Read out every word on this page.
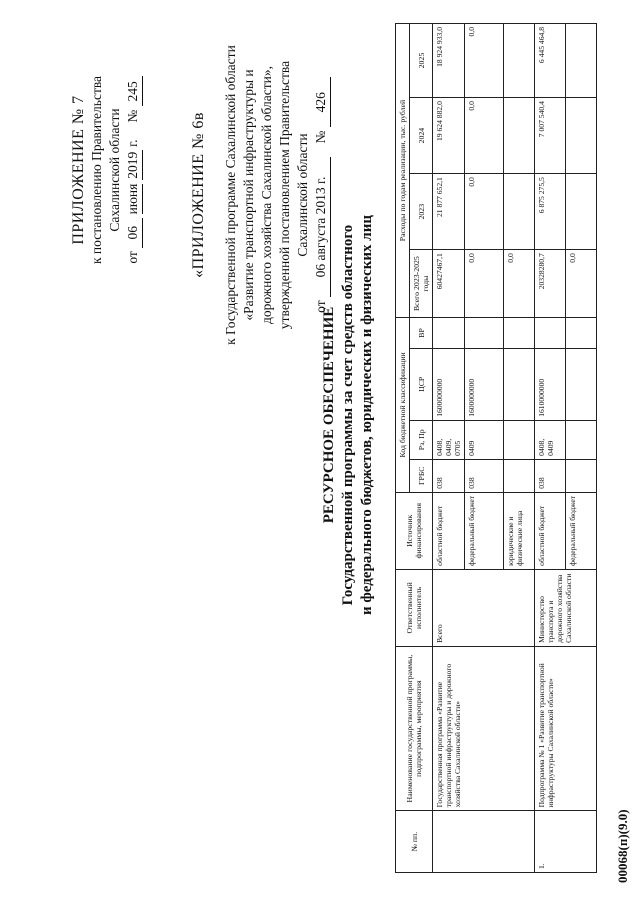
ПРИЛОЖЕНИЕ № 7 к постановлению Правительства Сахалинской области
от 06 июня 2019 г.     № 245
«ПРИЛОЖЕНИЕ № 6в к Государственной программе Сахалинской области «Развитие транспортной инфраструктуры и дорожного хозяйства Сахалинской области», утвержденной постановлением Правительства Сахалинской области
от 06 августа 2013 г.    № 426
РЕСУРСНОЕ ОБЕСПЕЧЕНИЕ Государственной программы за счет средств областного и федерального бюджетов, юридических и физических лиц
№ пп.	Наименование государственной программы, подпрограммы, мероприятия	Ответственный исполнитель	Источник финансирования	Код бюджетной классификации				Расходы по годам реализации, тыс. рублей			
				ГРБС	Рз, Пр	ЦСР	ВР	Всего 2023-2025 годы	2023	2024	2025
	Государственная программа «Развитие транспортной инфраструктуры и дорожного хозяйства Сахалинской области»	Всего	областной бюджет	038	0408, 0409, 0705	1600000000		60427467,1	21 877 652,1	19 624 882,0	18 924 933,0
			федеральный бюджет	038	0409	1600000000		0,0	0,0	0,0	0,0
			юридические и физические лица					0,0			
1.	Подпрограмма № 1 «Развитие транспортной инфраструктуры Сахалинской области»	Министерство транспорта и дорожного хозяйства Сахалинской области	областной бюджет	038	0408, 0409	1610000000		20328280,7	6 875 275,5	7 007 540,4	6 445 464,8
			федеральный бюджет					0,0			
00068(п)(9.0)
